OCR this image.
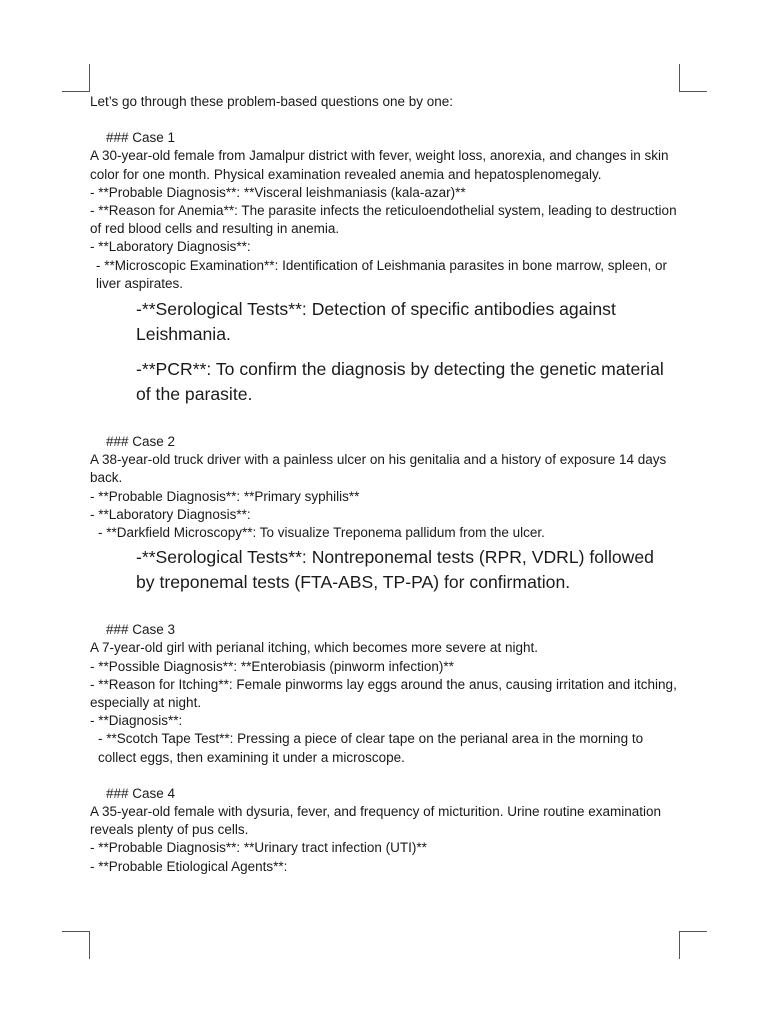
Let’s go through these problem-based questions one by one:

### Case 1

A 30-year-old female from Jamalpur district with fever, weight loss, anorexia, and changes in skin color for one month. Physical examination revealed anemia and hepatosplenomegaly.

- **Probable Diagnosis**: **Visceral leishmaniasis (kala-azar)**

- **Reason for Anemia**: The parasite infects the reticuloendothelial system, leading to destruction of red blood cells and resulting in anemia.

- **Laboratory Diagnosis**:

- **Microscopic Examination**: Identification of Leishmania parasites in bone marrow, spleen, or liver aspirates.

-**Serological Tests**: Detection of specific antibodies against Leishmania.

-**PCR**: To confirm the diagnosis by detecting the genetic material of the parasite.

### Case 2

A 38-year-old truck driver with a painless ulcer on his genitalia and a history of exposure 14 days back.

- **Probable Diagnosis**: **Primary syphilis**

- **Laboratory Diagnosis**:

- **Darkfield Microscopy**: To visualize Treponema pallidum from the ulcer.

-**Serological Tests**: Nontreponemal tests (RPR, VDRL) followed by treponemal tests (FTA-ABS, TP-PA) for confirmation.

### Case 3

A 7-year-old girl with perianal itching, which becomes more severe at night.

- **Possible Diagnosis**: **Enterobiasis (pinworm infection)**

- **Reason for Itching**: Female pinworms lay eggs around the anus, causing irritation and itching, especially at night.

- **Diagnosis**:

- **Scotch Tape Test**: Pressing a piece of clear tape on the perianal area in the morning to collect eggs, then examining it under a microscope.

### Case 4

A 35-year-old female with dysuria, fever, and frequency of micturition. Urine routine examination reveals plenty of pus cells.

- **Probable Diagnosis**: **Urinary tract infection (UTI)**

- **Probable Etiological Agents**:
